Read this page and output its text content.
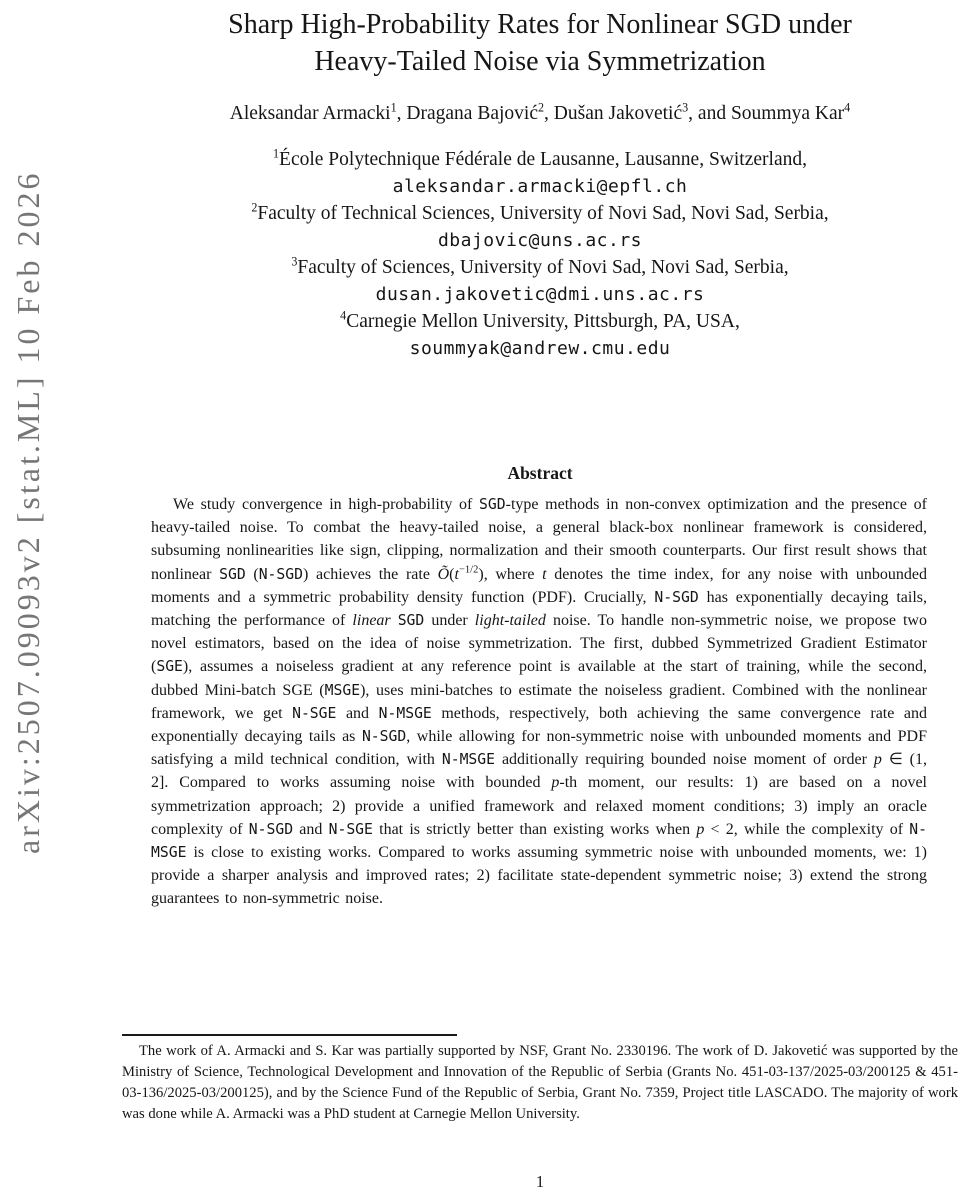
arXiv:2507.09093v2 [stat.ML] 10 Feb 2026
Sharp High-Probability Rates for Nonlinear SGD under
Heavy-Tailed Noise via Symmetrization
Aleksandar Armacki$^1$, Dragana Bajović$^2$, Dušan Jakovetić$^3$, and Soummya Kar$^4$
$^1$École Polytechnique Fédérale de Lausanne, Lausanne, Switzerland,
aleksandar.armacki@epfl.ch
$^2$Faculty of Technical Sciences, University of Novi Sad, Novi Sad, Serbia,
dbajovic@uns.ac.rs
$^3$Faculty of Sciences, University of Novi Sad, Novi Sad, Serbia,
dusan.jakovetic@dmi.uns.ac.rs
$^4$Carnegie Mellon University, Pittsburgh, PA, USA,
soummyak@andrew.cmu.edu
Abstract
We study convergence in high-probability of SGD-type methods in non-convex optimization and the presence of heavy-tailed noise. To combat the heavy-tailed noise, a general black-box nonlinear framework is considered, subsuming nonlinearities like sign, clipping, normalization and their smooth counterparts. Our first result shows that nonlinear SGD (N-SGD) achieves the rate $Õ(t^{-1/2})$, where t denotes the time index, for any noise with unbounded moments and a symmetric probability density function (PDF). Crucially, N-SGD has exponentially decaying tails, matching the performance of linear SGD under light-tailed noise. To handle non-symmetric noise, we propose two novel estimators, based on the idea of noise symmetrization. The first, dubbed Symmetrized Gradient Estimator (SGE), assumes a noiseless gradient at any reference point is available at the start of training, while the second, dubbed Mini-batch SGE (MSGE), uses mini-batches to estimate the noiseless gradient. Combined with the nonlinear framework, we get N-SGE and N-MSGE methods, respectively, both achieving the same convergence rate and exponentially decaying tails as N-SGD, while allowing for non-symmetric noise with unbounded moments and PDF satisfying a mild technical condition, with N-MSGE additionally requiring bounded noise moment of order p ∈ (1, 2]. Compared to works assuming noise with bounded p-th moment, our results: 1) are based on a novel symmetrization approach; 2) provide a unified framework and relaxed moment conditions; 3) imply an oracle complexity of N-SGD and N-SGE that is strictly better than existing works when p < 2, while the complexity of N-MSGE is close to existing works. Compared to works assuming symmetric noise with unbounded moments, we: 1) provide a sharper analysis and improved rates; 2) facilitate state-dependent symmetric noise; 3) extend the strong guarantees to non-symmetric noise.
The work of A. Armacki and S. Kar was partially supported by NSF, Grant No. 2330196. The work of D. Jakovetić was supported by the Ministry of Science, Technological Development and Innovation of the Republic of Serbia (Grants No. 451-03-137/2025-03/200125 & 451-03-136/2025-03/200125), and by the Science Fund of the Republic of Serbia, Grant No. 7359, Project title LASCADO. The majority of work was done while A. Armacki was a PhD student at Carnegie Mellon University.
1
